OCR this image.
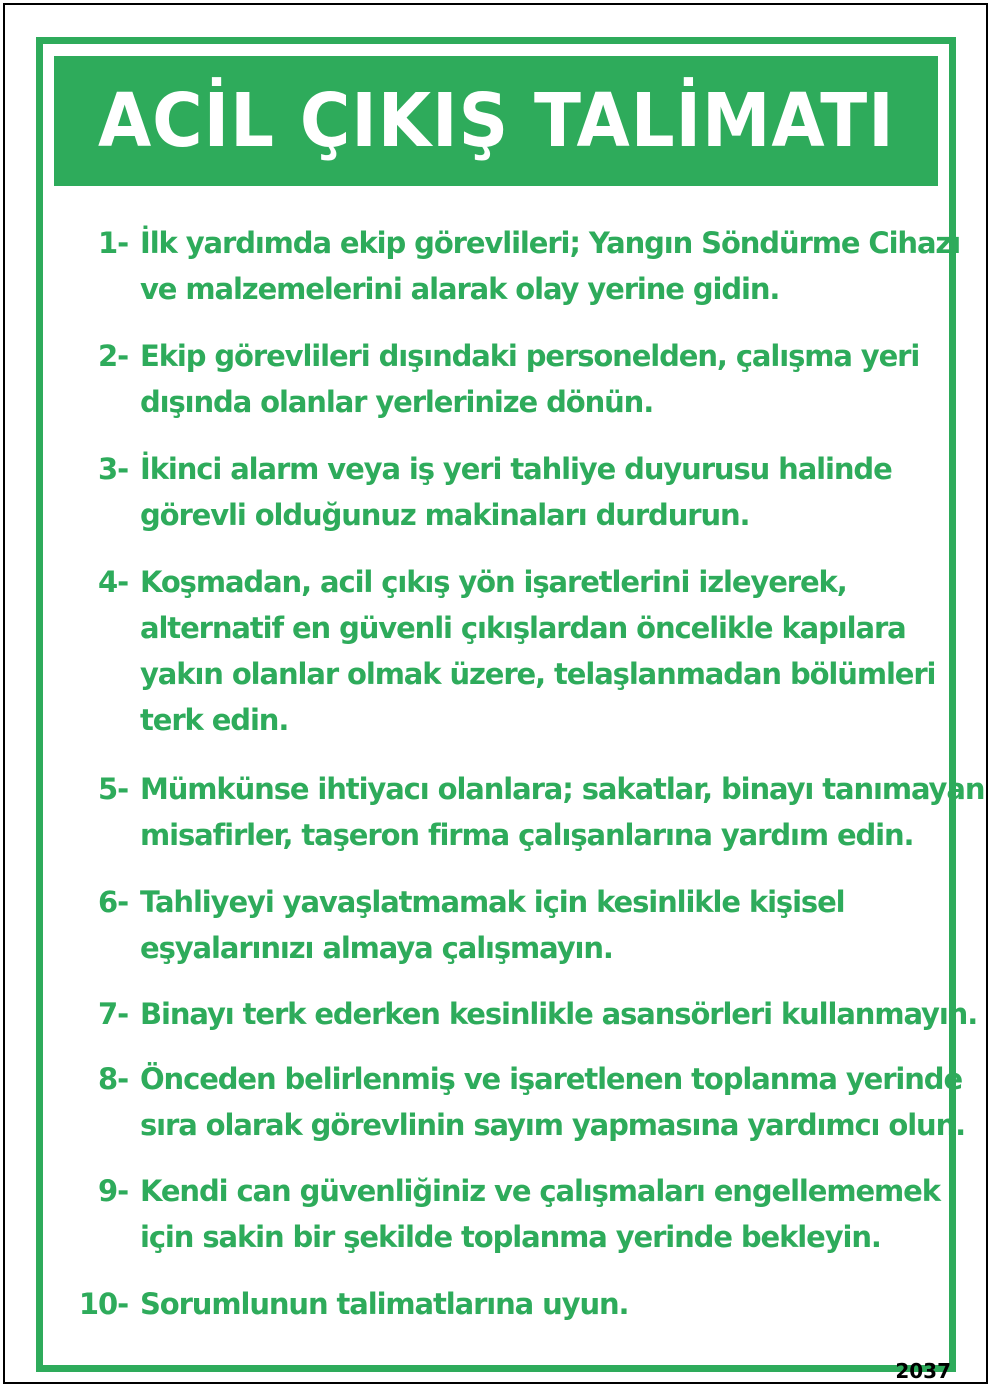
ACİL ÇIKIŞ TALİMATI
1- İlk yardımda ekip görevlileri; Yangın Söndürme Cihazı
ve malzemelerini alarak olay yerine gidin.
2- Ekip görevlileri dışındaki personelden, çalışma yeri
dışında olanlar yerlerinize dönün.
3- İkinci alarm veya iş yeri tahliye duyurusu halinde
görevli olduğunuz makinaları durdurun.
4- Koşmadan, acil çıkış yön işaretlerini izleyerek,
alternatif en güvenli çıkışlardan öncelikle kapılara
yakın olanlar olmak üzere, telaşlanmadan bölümleri
terk edin.
5- Mümkünse ihtiyacı olanlara; sakatlar, binayı tanımayan
misafirler, taşeron firma çalışanlarına yardım edin.
6- Tahliyeyi yavaşlatmamak için kesinlikle kişisel
eşyalarınızı almaya çalışmayın.
7- Binayı terk ederken kesinlikle asansörleri kullanmayın.
8- Önceden belirlenmiş ve işaretlenen toplanma yerinde
sıra olarak görevlinin sayım yapmasına yardımcı olun.
9- Kendi can güvenliğiniz ve çalışmaları engellememek
için sakin bir şekilde toplanma yerinde bekleyin.
10- Sorumlunun talimatlarına uyun.
2037
